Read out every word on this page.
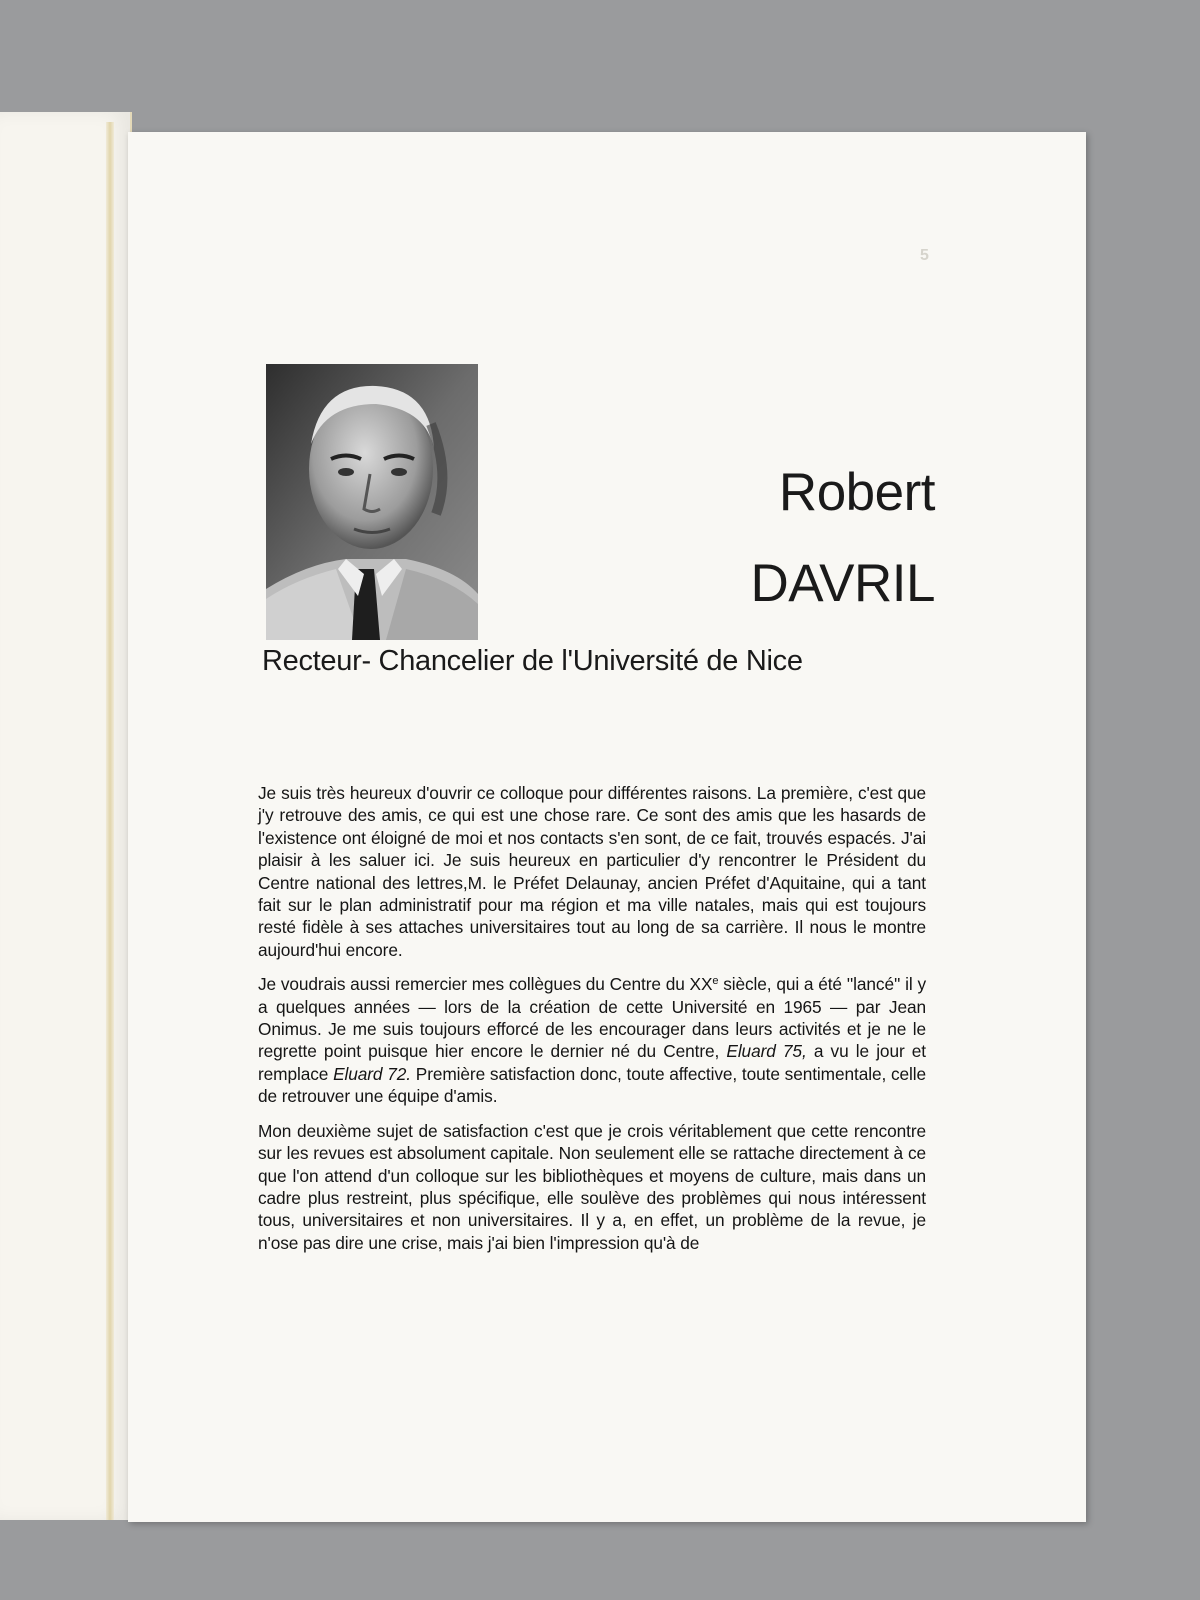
5
Robert
DAVRIL
Recteur- Chancelier de l'Université de Nice

Je suis très heureux d'ouvrir ce colloque pour différentes raisons. La première, c'est que j'y retrouve des amis, ce qui est une chose rare. Ce sont des amis que les hasards de l'existence ont éloigné de moi et nos contacts s'en sont, de ce fait, trouvés espacés. J'ai plaisir à les saluer ici. Je suis heureux en particulier d'y rencontrer le Président du Centre national des lettres,M. le Préfet Delaunay, ancien Préfet d'Aquitaine, qui a tant fait sur le plan administratif pour ma région et ma ville natales, mais qui est toujours resté fidèle à ses attaches universitaires tout au long de sa carrière. Il nous le montre aujourd'hui encore.

Je voudrais aussi remercier mes collègues du Centre du XXe siècle, qui a été ''lancé'' il y a quelques années — lors de la création de cette Université en 1965 — par Jean Onimus. Je me suis toujours efforcé de les encourager dans leurs activités et je ne le regrette point puisque hier encore le dernier né du Centre, Eluard 75, a vu le jour et remplace Eluard 72. Première satisfaction donc, toute affective, toute sentimentale, celle de retrouver une équipe d'amis.

Mon deuxième sujet de satisfaction c'est que je crois véritablement que cette rencontre sur les revues est absolument capitale. Non seulement elle se rattache directement à ce que l'on attend d'un colloque sur les bibliothèques et moyens de culture, mais dans un cadre plus restreint, plus spécifique, elle soulève des problèmes qui nous intéressent tous, universitaires et non universitaires. Il y a, en effet, un problème de la revue, je n'ose pas dire une crise, mais j'ai bien l'impression qu'à de
